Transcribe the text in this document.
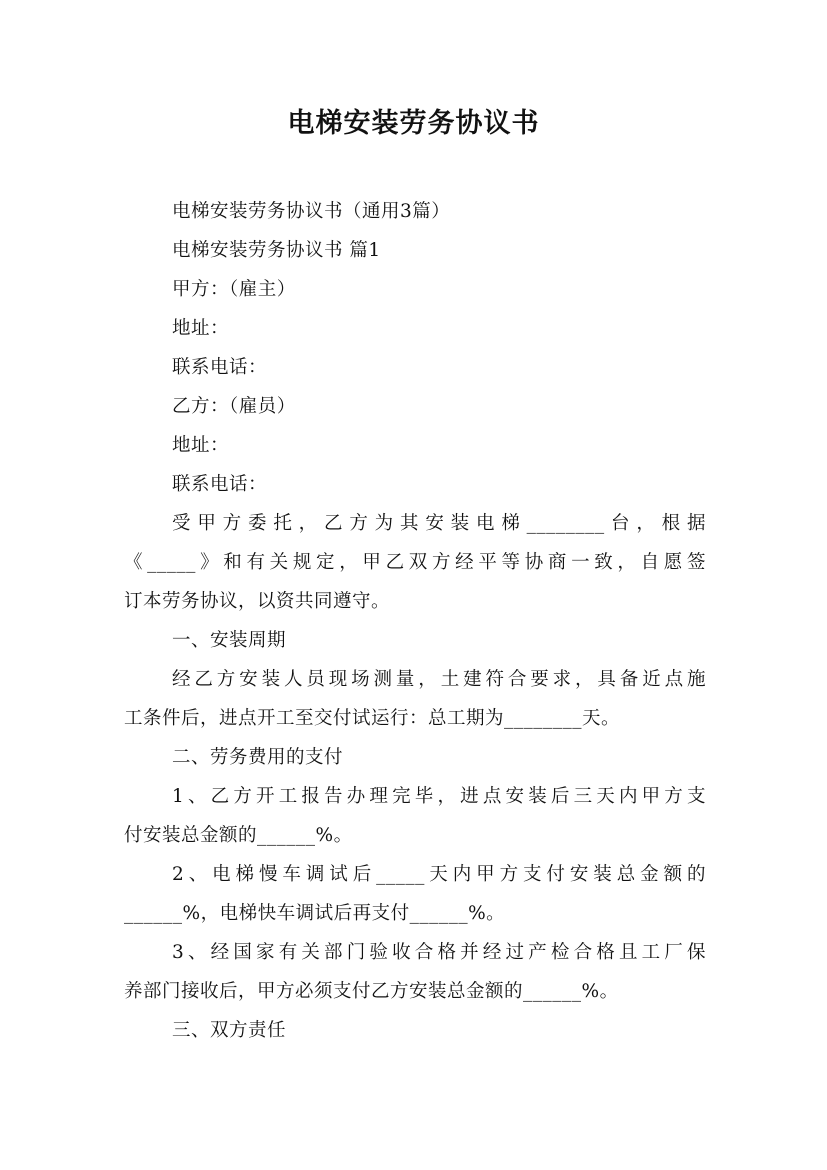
电梯安装劳务协议书

电梯安装劳务协议书（通用3篇）

电梯安装劳务协议书 篇1

甲方：（雇主）

地址：

联系电话：

乙方：（雇员）

地址：

联系电话：

受甲方委托，乙方为其安装电梯________台，根据

《_____》和有关规定，甲乙双方经平等协商一致，自愿签

订本劳务协议，以资共同遵守。

一、安装周期

经乙方安装人员现场测量，土建符合要求，具备近点施

工条件后，进点开工至交付试运行：总工期为________天。

二、劳务费用的支付

1、乙方开工报告办理完毕，进点安装后三天内甲方支

付安装总金额的______%。

2、电梯慢车调试后_____天内甲方支付安装总金额的

______%，电梯快车调试后再支付______%。

3、经国家有关部门验收合格并经过产检合格且工厂保

养部门接收后，甲方必须支付乙方安装总金额的______%。

三、双方责任
